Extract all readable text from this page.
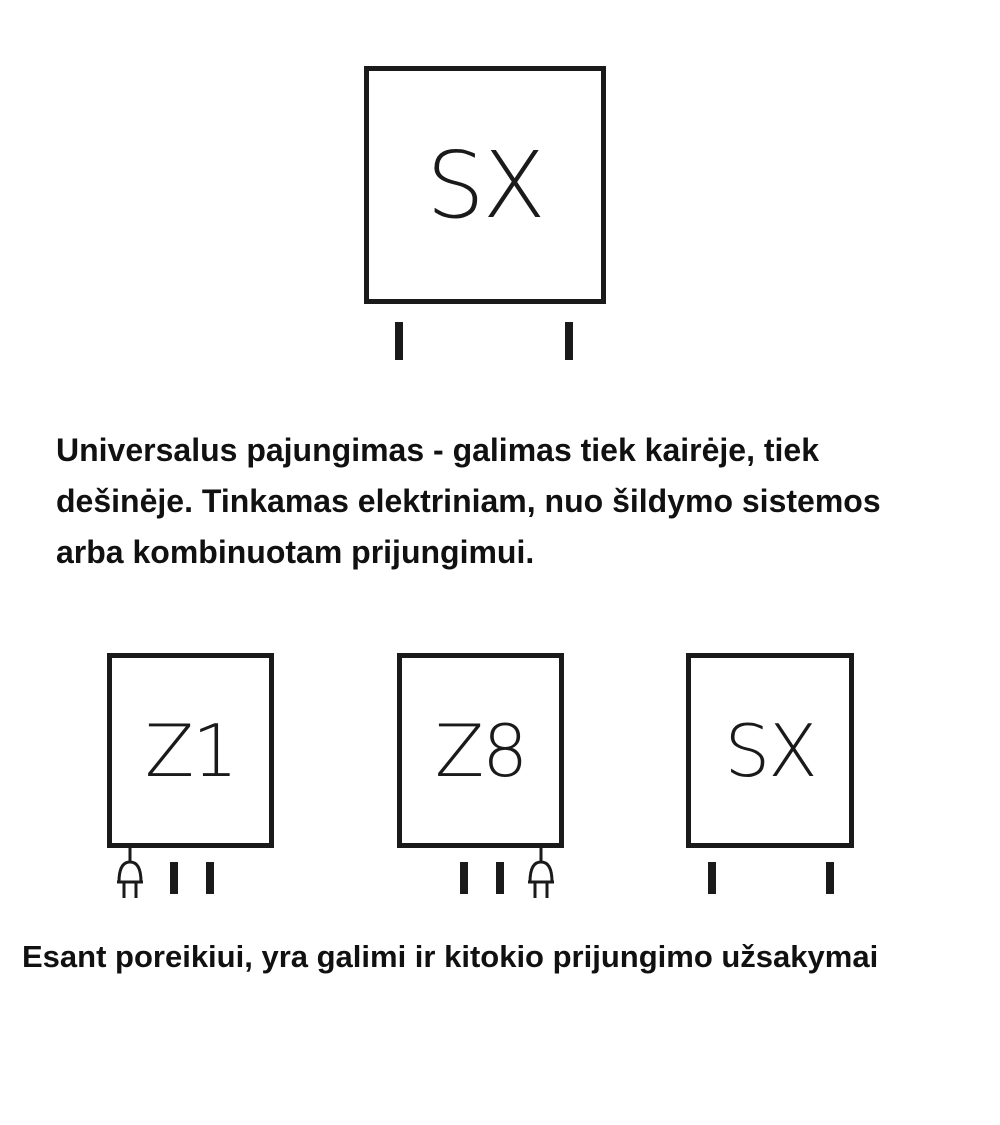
SX

Universalus pajungimas - galimas tiek kairėje, tiek dešinėje. Tinkamas elektriniam, nuo šildymo sistemos arba kombinuotam prijungimui.

Z1	Z8	SX

Esant poreikiui, yra galimi ir kitokio prijungimo užsakymai
